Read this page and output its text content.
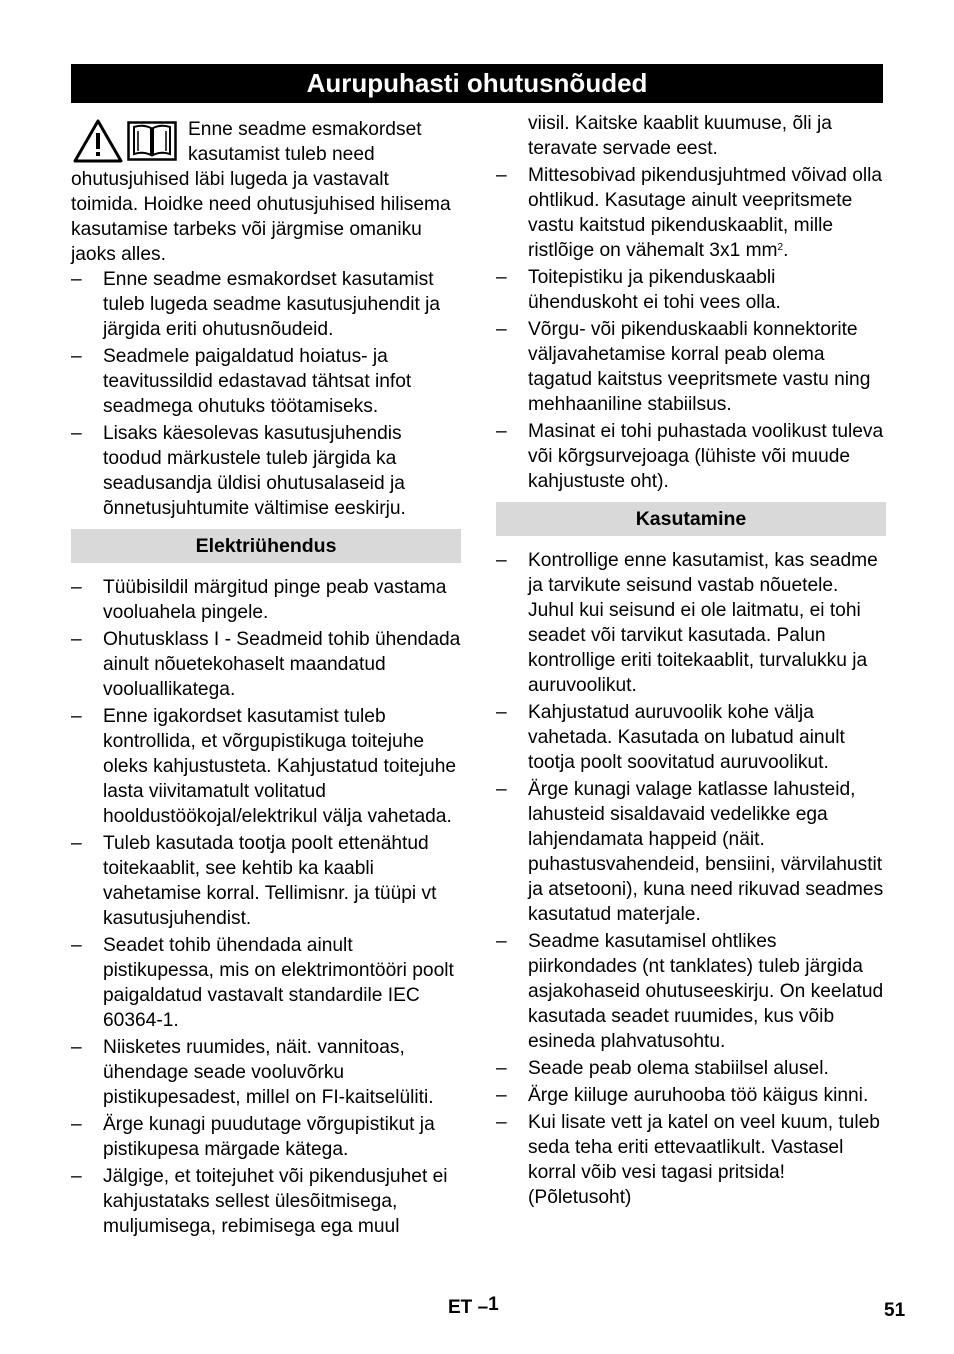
Aurupuhasti ohutusnõuded

Enne seadme esmakordset kasutamist tuleb need ohutusjuhised läbi lugeda ja vastavalt toimida. Hoidke need ohutusjuhised hilisema kasutamise tarbeks või järgmise omaniku jaoks alles.

–	Enne seadme esmakordset kasutamist tuleb lugeda seadme kasutusjuhendit ja järgida eriti ohutusnõudeid.
–	Seadmele paigaldatud hoiatus- ja teavitussildid edastavad tähtsat infot seadmega ohutuks töötamiseks.
–	Lisaks käesolevas kasutusjuhendis toodud märkustele tuleb järgida ka seadusandja üldisi ohutusalaseid ja õnnetusjuhtumite vältimise eeskirju.
Elektriühendus
–	Tüübisildil märgitud pinge peab vastama vooluahela pingele.
–	Ohutusklass I - Seadmeid tohib ühendada ainult nõuetekohaselt maandatud vooluallikatega.
–	Enne igakordset kasutamist tuleb kontrollida, et võrgupistikuga toitejuhe oleks kahjustusteta. Kahjustatud toitejuhe lasta viivitamatult volitatud hooldustöökojal/elektrikul välja vahetada.
–	Tuleb kasutada tootja poolt ettenähtud toitekaablit, see kehtib ka kaabli vahetamise korral. Tellimisnr. ja tüüpi vt kasutusjuhendist.
–	Seadet tohib ühendada ainult pistikupessa, mis on elektrimontööri poolt paigaldatud vastavalt standardile IEC 60364-1.
–	Niisketes ruumides, näit. vannitoas, ühendage seade vooluvõrku pistikupesadest, millel on FI-kaitselüliti.
–	Ärge kunagi puudutage võrgupistikut ja pistikupesa märgade kätega.
–	Jälgige, et toitejuhet või pikendusjuhet ei kahjustataks sellest ülesõitmisega, muljumisega, rebimisega ega muul
viisil. Kaitske kaablit kuumuse, õli ja teravate servade eest.
–	Mittesobivad pikendusjuhtmed võivad olla ohtlikud. Kasutage ainult veepritsmete vastu kaitstud pikenduskaablit, mille ristlõige on vähemalt 3x1 $mm^2$.
–	Toitepistiku ja pikenduskaabli ühenduskoht ei tohi vees olla.
–	Võrgu- või pikenduskaabli konnektorite väljavahetamise korral peab olema tagatud kaitstus veepritsmete vastu ning mehhaaniline stabiilsus.
–	Masinat ei tohi puhastada voolikust tuleva või kõrgsurvejoaga (lühiste või muude kahjustuste oht).
Kasutamine
–	Kontrollige enne kasutamist, kas seadme ja tarvikute seisund vastab nõuetele. Juhul kui seisund ei ole laitmatu, ei tohi seadet või tarvikut kasutada. Palun kontrollige eriti toitekaablit, turvalukku ja auruvoolikut.
–	Kahjustatud auruvoolik kohe välja vahetada. Kasutada on lubatud ainult tootja poolt soovitatud auruvoolikut.
–	Ärge kunagi valage katlasse lahusteid, lahusteid sisaldavaid vedelikke ega lahjendamata happeid (näit. puhastusvahendeid, bensiini, värvilahustit ja atsetooni), kuna need rikuvad seadmes kasutatud materjale.
–	Seadme kasutamisel ohtlikes piirkondades (nt tanklates) tuleb järgida asjakohaseid ohutuseeskirju. On keelatud kasutada seadet ruumides, kus võib esineda plahvatusohtu.
–	Seade peab olema stabiilsel alusel.
–	Ärge kiiluge auruhooba töö käigus kinni.
–	Kui lisate vett ja katel on veel kuum, tuleb seda teha eriti ettevaatlikult. Vastasel korral võib vesi tagasi pritsida! (Põletusoht)
ET –1	51
